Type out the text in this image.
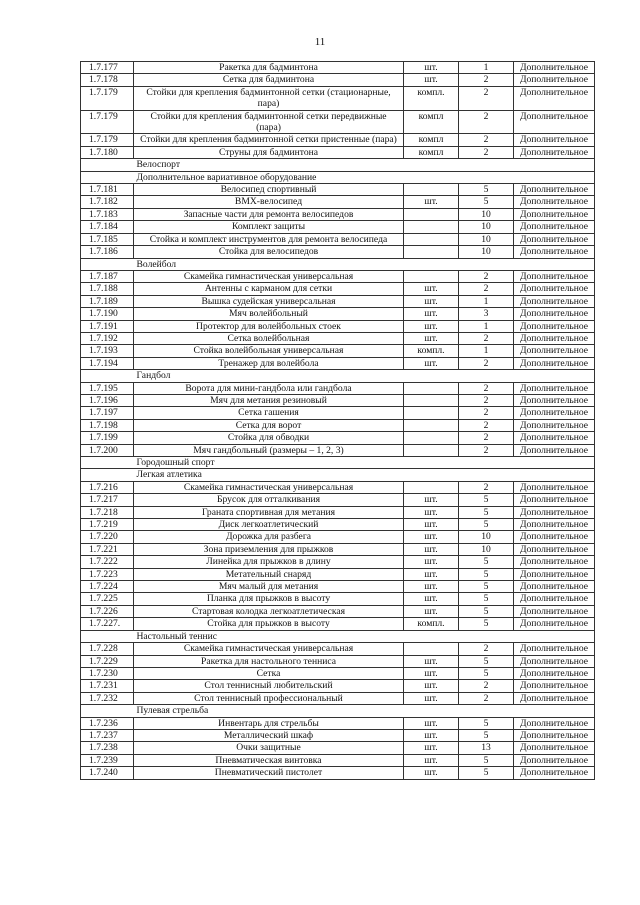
11
1.7.177	Ракетка для бадминтона	шт.	1	Дополнительное
1.7.178	Сетка для бадминтона	шт.	2	Дополнительное
1.7.179	Стойки для крепления бадминтонной сетки (стационарные, пара)	компл.	2	Дополнительное
1.7.179	Стойки для крепления бадминтонной сетки передвижные (пара)	компл	2	Дополнительное
1.7.179	Стойки для крепления бадминтонной сетки пристенные (пара)	компл	2	Дополнительное
1.7.180	Струны для бадминтона	компл	2	Дополнительное
	Велоспорт			
	Дополнительное вариативное оборудование			
1.7.181	Велосипед спортивный		5	Дополнительное
1.7.182	BMX-велосипед	шт.	5	Дополнительное
1.7.183	Запасные части для ремонта велосипедов		10	Дополнительное
1.7.184	Комплект защиты		10	Дополнительное
1.7.185	Стойка и комплект инструментов для ремонта велосипеда		10	Дополнительное
1.7.186	Стойка для велосипедов		10	Дополнительное
	Волейбол			
1.7.187	Скамейка гимнастическая универсальная		2	Дополнительное
1.7.188	Антенны с карманом для сетки	шт.	2	Дополнительное
1.7.189	Вышка судейская универсальная	шт.	1	Дополнительное
1.7.190	Мяч волейбольный	шт.	3	Дополнительное
1.7.191	Протектор для волейбольных стоек	шт.	1	Дополнительное
1.7.192	Сетка волейбольная	шт.	2	Дополнительное
1.7.193	Стойка волейбольная универсальная	компл.	1	Дополнительное
1.7.194	Тренажер для волейбола	шт.	2	Дополнительное
	Гандбол			
1.7.195	Ворота для мини-гандбола или гандбола		2	Дополнительное
1.7.196	Мяч для метания резиновый		2	Дополнительное
1.7.197	Сетка гашения		2	Дополнительное
1.7.198	Сетка для ворот		2	Дополнительное
1.7.199	Стойка для обводки		2	Дополнительное
1.7.200	Мяч гандбольный (размеры – 1, 2, 3)		2	Дополнительное
	Городошный спорт			
	Легкая атлетика			
1.7.216	Скамейка гимнастическая универсальная		2	Дополнительное
1.7.217	Брусок для отталкивания	шт.	5	Дополнительное
1.7.218	Граната спортивная для метания	шт.	5	Дополнительное
1.7.219	Диск легкоатлетический	шт.	5	Дополнительное
1.7.220	Дорожка для разбега	шт.	10	Дополнительное
1.7.221	Зона приземления для прыжков	шт.	10	Дополнительное
1.7.222	Линейка для прыжков в длину	шт.	5	Дополнительное
1.7.223	Метательный снаряд	шт.	5	Дополнительное
1.7.224	Мяч малый для метания	шт.	5	Дополнительное
1.7.225	Планка для прыжков в высоту	шт.	5	Дополнительное
1.7.226	Стартовая колодка легкоатлетическая	шт.	5	Дополнительное
1.7.227.	Стойка для прыжков в высоту	компл.	5	Дополнительное
	Настольный теннис			
1.7.228	Скамейка гимнастическая универсальная		2	Дополнительное
1.7.229	Ракетка для настольного тенниса	шт.	5	Дополнительное
1.7.230	Сетка	шт.	5	Дополнительное
1.7.231	Стол теннисный любительский	шт.	2	Дополнительное
1.7.232	Стол теннисный профессиональный	шт.	2	Дополнительное
	Пулевая стрельба			
1.7.236	Инвентарь для стрельбы	шт.	5	Дополнительное
1.7.237	Металлический шкаф	шт.	5	Дополнительное
1.7.238	Очки защитные	шт.	13	Дополнительное
1.7.239	Пневматическая винтовка	шт.	5	Дополнительное
1.7.240	Пневматический пистолет	шт.	5	Дополнительное
